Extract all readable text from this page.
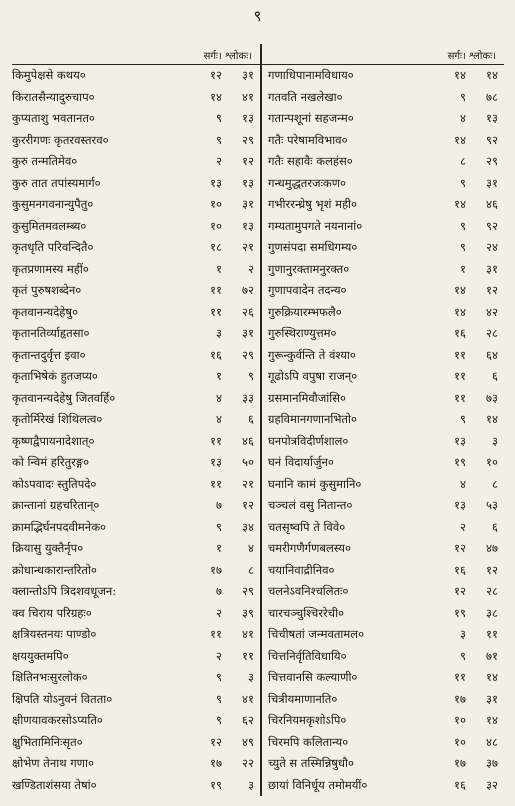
९
सर्गः। श्लोकः।
किमुपेक्षसे कथय०	१२	३१
किरातसैन्यादुरुचाप०	१४	४१
कुप्यताशु भवतानत०	९	१३
कुररीगणः कृतरवस्तरव०	९	२९
कुरु तन्मतिमेव०	२	१२
कुरु तात तपांस्यमार्ग०	१३	१३
कुसुमनगवनान्युपैतु०	१०	३१
कुसुमितमवलम्ब्य०	१०	१३
कृतधृति परिवन्दितै०	१८	२१
कृतप्रणामस्य महीं०	१	२
कृतं पुरुषशब्देन०	११	७२
कृतवानन्यदेहेषु०	११	२६
कृतानतिर्व्याहृतसा०	३	३१
कृतान्तदुर्वृत्त इवा०	१६	२९
कृताभिषेकं हुतजप्य०	१	९
कृतवानन्यदेहेषु जितवर्हि०	४	३३
कृतोर्मिरेखं शिथिलत्व०	४	६
कृष्णद्वैपायनादेशात्०	११	४६
को न्विमं हरितुरङ्ग०	१३	५०
कोऽपवादः स्तुतिपदे०	११	२१
क्रान्तानां ग्रहचरितान्०	७	१२
क्रामद्भिर्घनपदवीमनेक०	९	३४
क्रियासु युक्तैर्नृप०	१	४
क्रोधान्धकारान्तरितो०	१७	८
क्लान्तोऽपि त्रिदशवधूजन:	७	२९
क्व चिराय परिग्रहः०	२	३९
क्षत्रियस्तनयः पाण्डो०	११	४१
क्षययुक्तमपि०	२	११
क्षितिनभःसुरलोक०	९	३
क्षिपति योऽनुवनं वितता०	९	४१
क्षीणयावकरसोऽप्यति०	९	६२
क्षुभितामिनिःसृत०	१२	४९
क्षोभेण तेनाथ गणा०	१७	२२
खण्डिताशंसया तेषां०	१९	३
सर्गः। श्लोकः।
गणाधिपानामविधाय०	१४	१४
गतवति नखलेखा०	९	७८
गतान्पशूनां सहजन्म०	४	१३
गतैः परेषामविभाव०	१४	९२
गतैः सहावैः कलहंस०	८	२९
गन्धमुद्धतरजःकण०	९	३१
गभीररन्ध्रेषु भृशं मही०	१४	४६
गम्यतामुपगते नयनानां०	९	९२
गुणसंपदा समधिगम्य०	९	२४
गुणानुरक्तामनुरक्त०	१	३१
गुणापवादेन तदन्य०	१४	१२
गुरुक्रियारम्भफलै०	१४	४२
गुरुस्थिराण्युत्तम०	१६	२८
गुरून्कुर्वन्ति ते वंश्या०	११	६४
गूढोऽपि वपुषा राजन्०	११	६
ग्रसमानमिवौजांसि०	११	७३
ग्रहविमानगणानभितो०	९	१४
घनपोत्रविदीर्णशाल०	१३	३
घनं विदार्यार्जुन०	१९	१०
घनानि कामं कुसुमानि०	४	८
चञ्चलं वसु नितान्त०	१३	५३
चतसृष्वपि ते विवे०	२	६
चमरीगणैर्गणबलस्य०	१२	४७
चयानिवाद्रीनिव०	१६	१२
चलनेऽवनिश्चलितः०	१२	२८
चारचञ्चुश्चिररेची०	१९	३८
चिचीषतां जन्मवतामल०	३	११
चित्तनिर्वृतिविधायि०	९	७१
चित्तवानसि कल्याणी०	११	१४
चित्रीयमाणानति०	१७	३१
चिरनियमकृशोऽपि०	१०	१४
चिरमपि कलितान्य०	१०	४८
च्युते स तस्मिन्निषुधौ०	१७	३७
छायां विनिर्धूय तमोमयीं०	१६	३२
